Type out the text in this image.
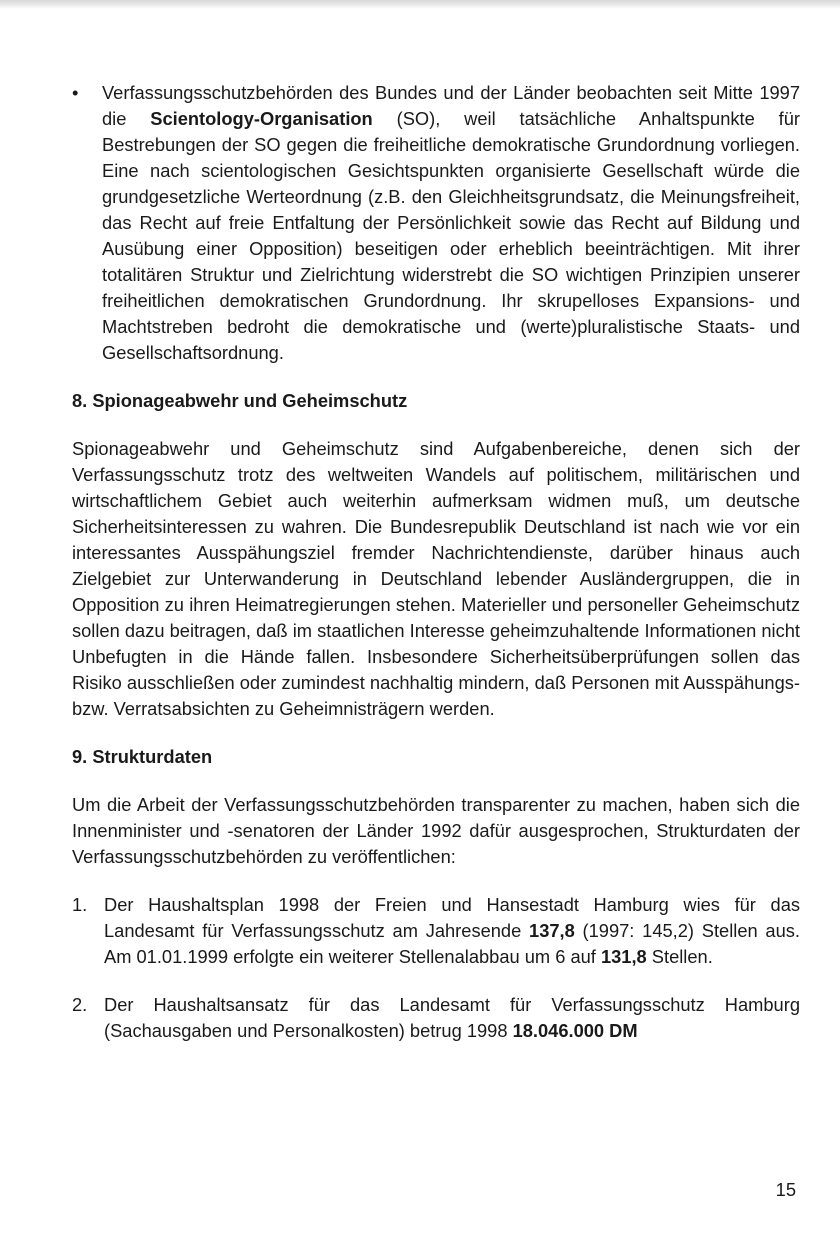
•	Verfassungsschutzbehörden des Bundes und der Länder beobachten seit Mitte 1997 die Scientology-Organisation (SO), weil tatsächliche Anhaltspunkte für Bestrebungen der SO gegen die freiheitliche demokratische Grundordnung vorliegen. Eine nach scientologischen Gesichtspunkten organisierte Gesellschaft würde die grundgesetzliche Werteordnung (z.B. den Gleichheitsgrundsatz, die Meinungsfreiheit, das Recht auf freie Entfaltung der Persönlichkeit sowie das Recht auf Bildung und Ausübung einer Opposition) beseitigen oder erheblich beeinträchtigen. Mit ihrer totalitären Struktur und Zielrichtung widerstrebt die SO wichtigen Prinzipien unserer freiheitlichen demokratischen Grundordnung. Ihr skrupelloses Expansions- und Machtstreben bedroht die demokratische und (werte)pluralistische Staats- und Gesellschaftsordnung.

8. Spionageabwehr und Geheimschutz

Spionageabwehr und Geheimschutz sind Aufgabenbereiche, denen sich der Verfassungsschutz trotz des weltweiten Wandels auf politischem, militärischen und wirtschaftlichem Gebiet auch weiterhin aufmerksam widmen muß, um deutsche Sicherheitsinteressen zu wahren. Die Bundesrepublik Deutschland ist nach wie vor ein interessantes Ausspähungsziel fremder Nachrichtendienste, darüber hinaus auch Zielgebiet zur Unterwanderung in Deutschland lebender Ausländergruppen, die in Opposition zu ihren Heimatregierungen stehen. Materieller und personeller Geheimschutz sollen dazu beitragen, daß im staatlichen Interesse geheimzuhaltende Informationen nicht Unbefugten in die Hände fallen. Insbesondere Sicherheitsüberprüfungen sollen das Risiko ausschließen oder zumindest nachhaltig mindern, daß Personen mit Ausspähungs- bzw. Verratsabsichten zu Geheimnisträgern werden.

9. Strukturdaten

Um die Arbeit der Verfassungsschutzbehörden transparenter zu machen, haben sich die Innenminister und -senatoren der Länder 1992 dafür ausgesprochen, Strukturdaten der Verfassungsschutzbehörden zu veröffentlichen:

1. Der Haushaltsplan 1998 der Freien und Hansestadt Hamburg wies für das Landesamt für Verfassungsschutz am Jahresende 137,8 (1997: 145,2) Stellen aus. Am 01.01.1999 erfolgte ein weiterer Stellenalabbau um 6 auf 131,8 Stellen.

2. Der Haushaltsansatz für das Landesamt für Verfassungsschutz Hamburg (Sachausgaben und Personalkosten) betrug 1998 18.046.000 DM

15
